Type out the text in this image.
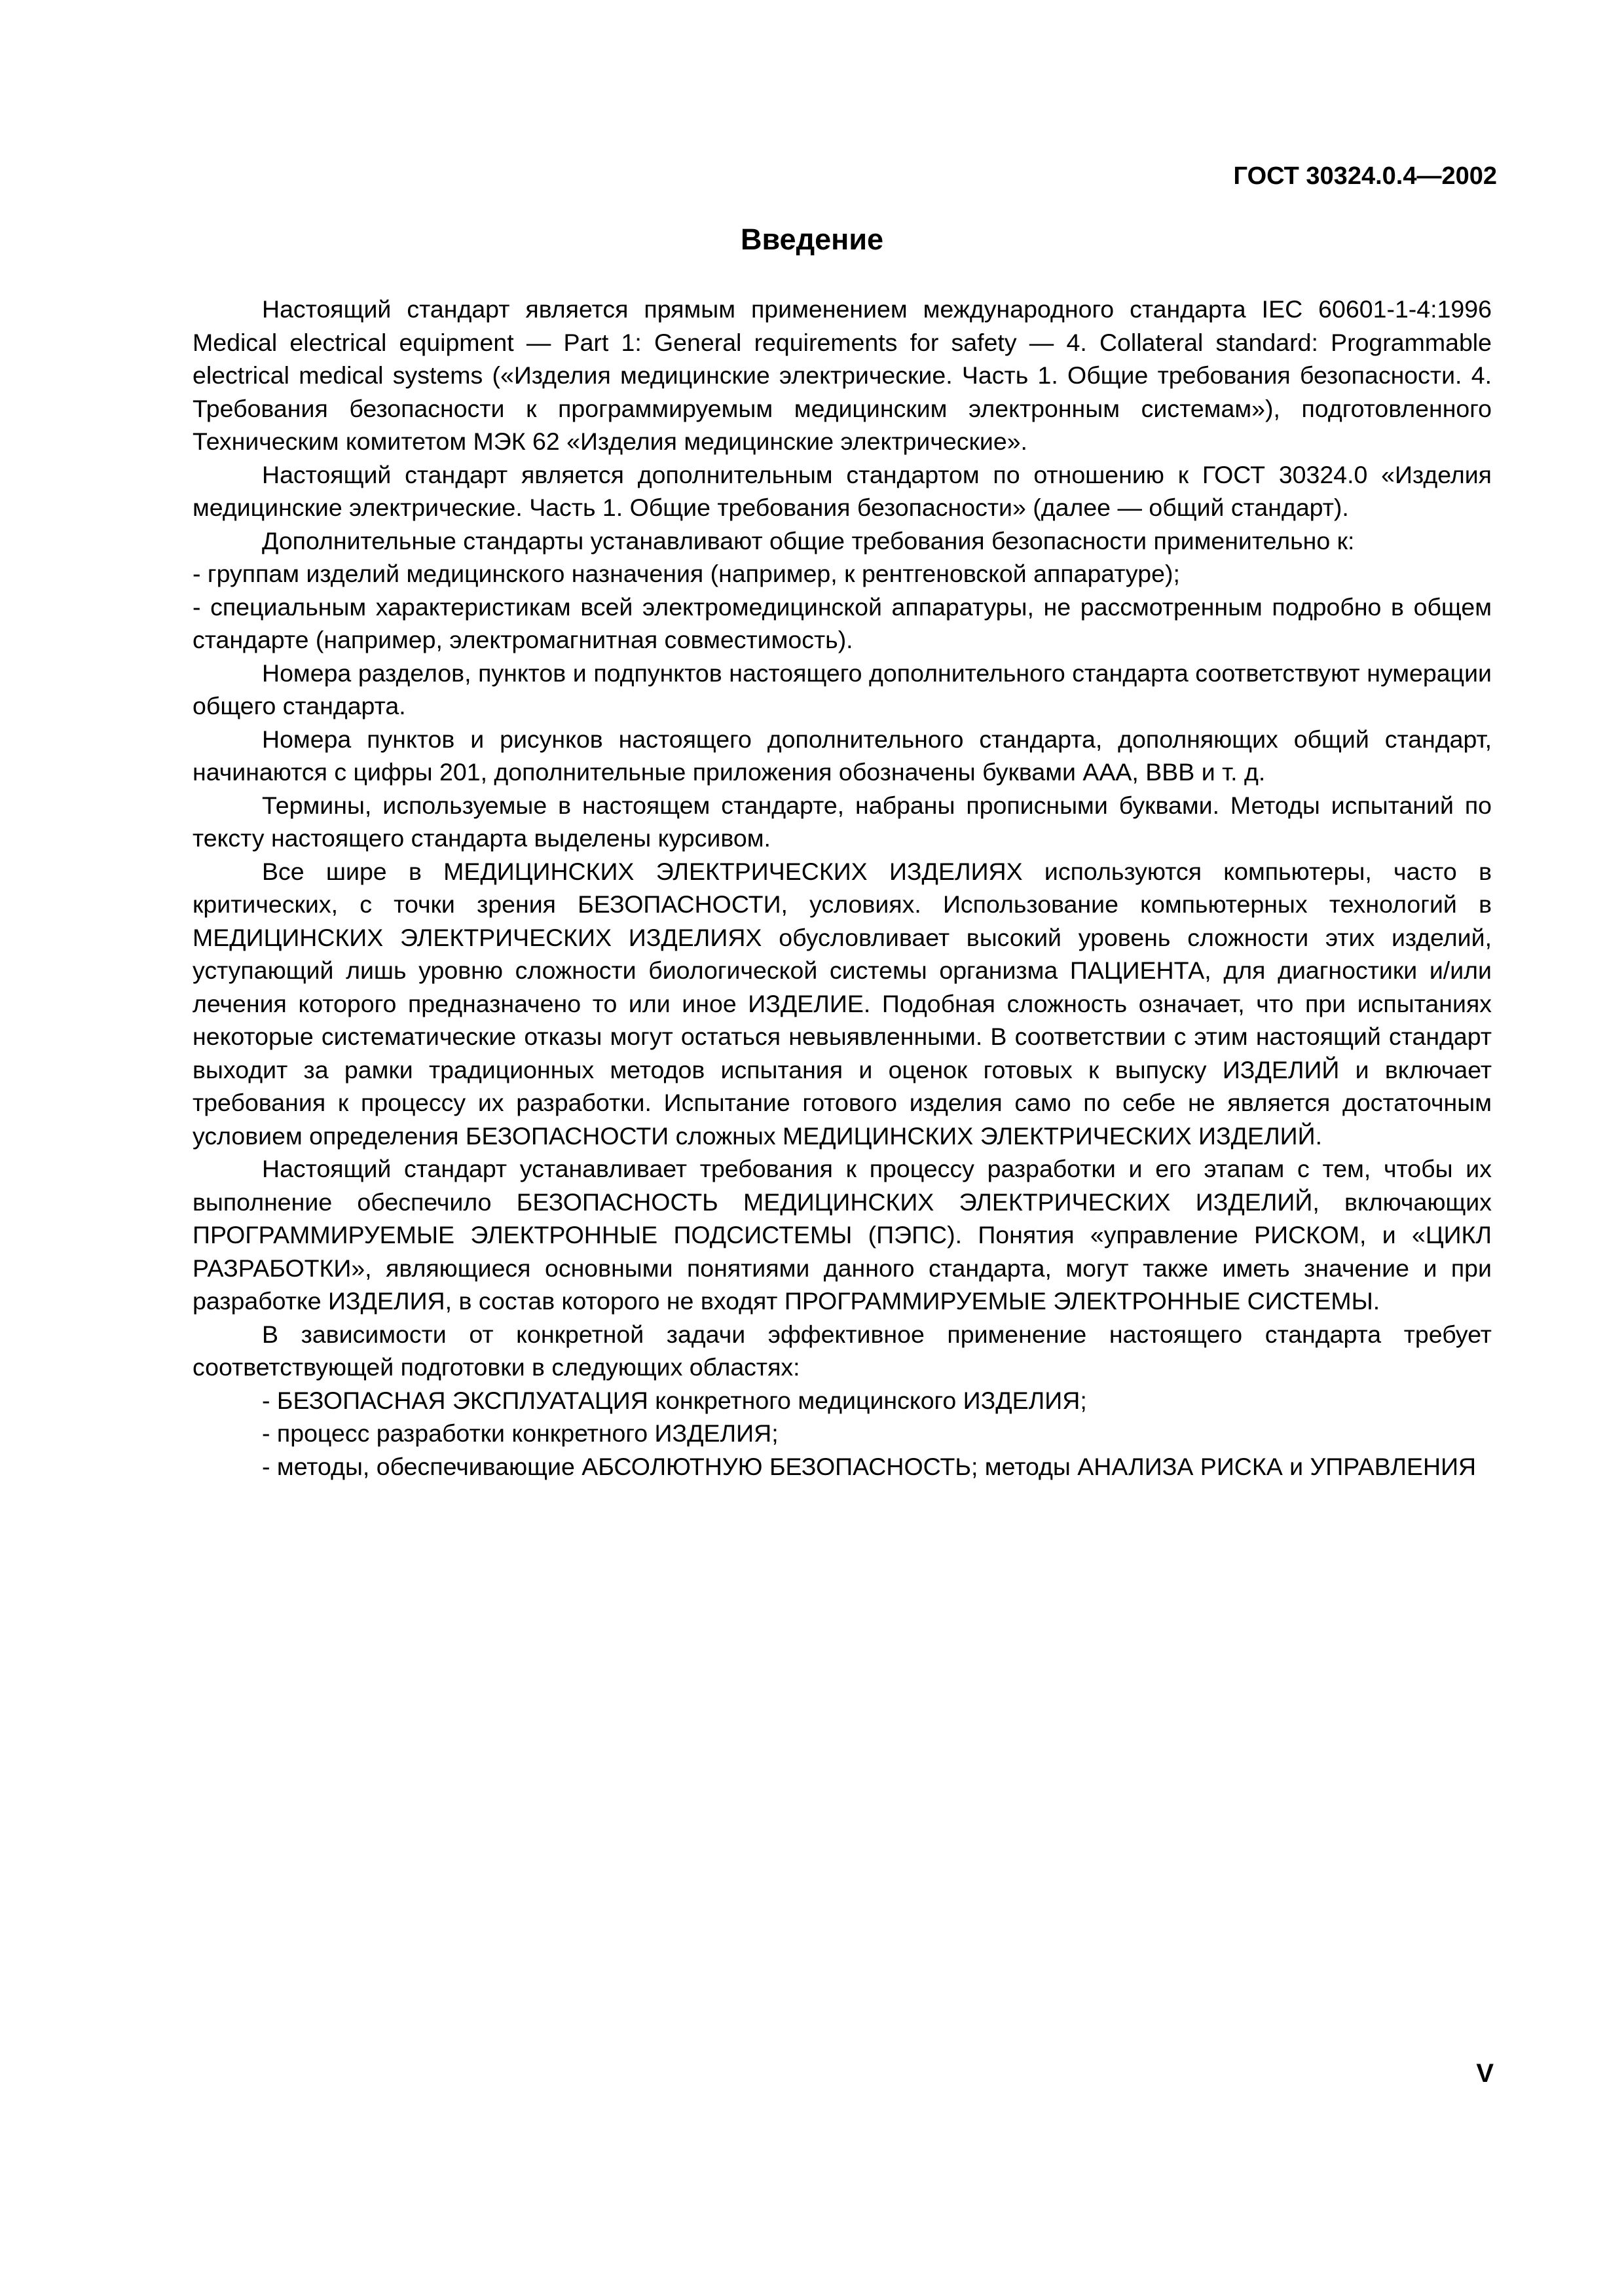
ГОСТ 30324.0.4—2002
Введение

Настоящий стандарт является прямым применением международного стандарта IEC 60601-1-4:1996 Medical electrical equipment — Part 1: General requirements for safety — 4. Collateral standard: Programmable electrical medical systems («Изделия медицинские электрические. Часть 1. Общие требования безопасности. 4. Требования безопасности к программируемым медицинским электронным системам»), подготовленного Техническим комитетом МЭК 62 «Изделия медицинские электрические».

Настоящий стандарт является дополнительным стандартом по отношению к ГОСТ 30324.0 «Изделия медицинские электрические. Часть 1. Общие требования безопасности» (далее — общий стандарт).

Дополнительные стандарты устанавливают общие требования безопасности применительно к:

- группам изделий медицинского назначения (например, к рентгеновской аппаратуре);

- специальным характеристикам всей электромедицинской аппаратуры, не рассмотренным подробно в общем стандарте (например, электромагнитная совместимость).

Номера разделов, пунктов и подпунктов настоящего дополнительного стандарта соответствуют нумерации общего стандарта.

Номера пунктов и рисунков настоящего дополнительного стандарта, дополняющих общий стандарт, начинаются с цифры 201, дополнительные приложения обозначены буквами ААА, ВВВ и т. д.

Термины, используемые в настоящем стандарте, набраны прописными буквами. Методы испытаний по тексту настоящего стандарта выделены курсивом.

Все шире в МЕДИЦИНСКИХ ЭЛЕКТРИЧЕСКИХ ИЗДЕЛИЯХ используются компьютеры, часто в критических, с точки зрения БЕЗОПАСНОСТИ, условиях. Использование компьютерных технологий в МЕДИЦИНСКИХ ЭЛЕКТРИЧЕСКИХ ИЗДЕЛИЯХ обусловливает высокий уровень сложности этих изделий, уступающий лишь уровню сложности биологической системы организма ПАЦИЕНТА, для диагностики и/или лечения которого предназначено то или иное ИЗДЕЛИЕ. Подобная сложность означает, что при испытаниях некоторые систематические отказы могут остаться невыявленными. В соответствии с этим настоящий стандарт выходит за рамки традиционных методов испытания и оценок готовых к выпуску ИЗДЕЛИЙ и включает требования к процессу их разработки. Испытание готового изделия само по себе не является достаточным условием определения БЕЗОПАСНОСТИ сложных МЕДИЦИНСКИХ ЭЛЕКТРИЧЕСКИХ ИЗДЕЛИЙ.

Настоящий стандарт устанавливает требования к процессу разработки и его этапам с тем, чтобы их выполнение обеспечило БЕЗОПАСНОСТЬ МЕДИЦИНСКИХ ЭЛЕКТРИЧЕСКИХ ИЗДЕЛИЙ, включающих ПРОГРАММИРУЕМЫЕ ЭЛЕКТРОННЫЕ ПОДСИСТЕМЫ (ПЭПС). Понятия «управление РИСКОМ, и «ЦИКЛ РАЗРАБОТКИ», являющиеся основными понятиями данного стандарта, могут также иметь значение и при разработке ИЗДЕЛИЯ, в состав которого не входят ПРОГРАММИРУЕМЫЕ ЭЛЕКТРОННЫЕ СИСТЕМЫ.

В зависимости от конкретной задачи эффективное применение настоящего стандарта требует соответствующей подготовки в следующих областях:

- БЕЗОПАСНАЯ ЭКСПЛУАТАЦИЯ конкретного медицинского ИЗДЕЛИЯ;

- процесс разработки конкретного ИЗДЕЛИЯ;

- методы, обеспечивающие АБСОЛЮТНУЮ БЕЗОПАСНОСТЬ; методы АНАЛИЗА РИСКА и УПРАВЛЕНИЯ

V
